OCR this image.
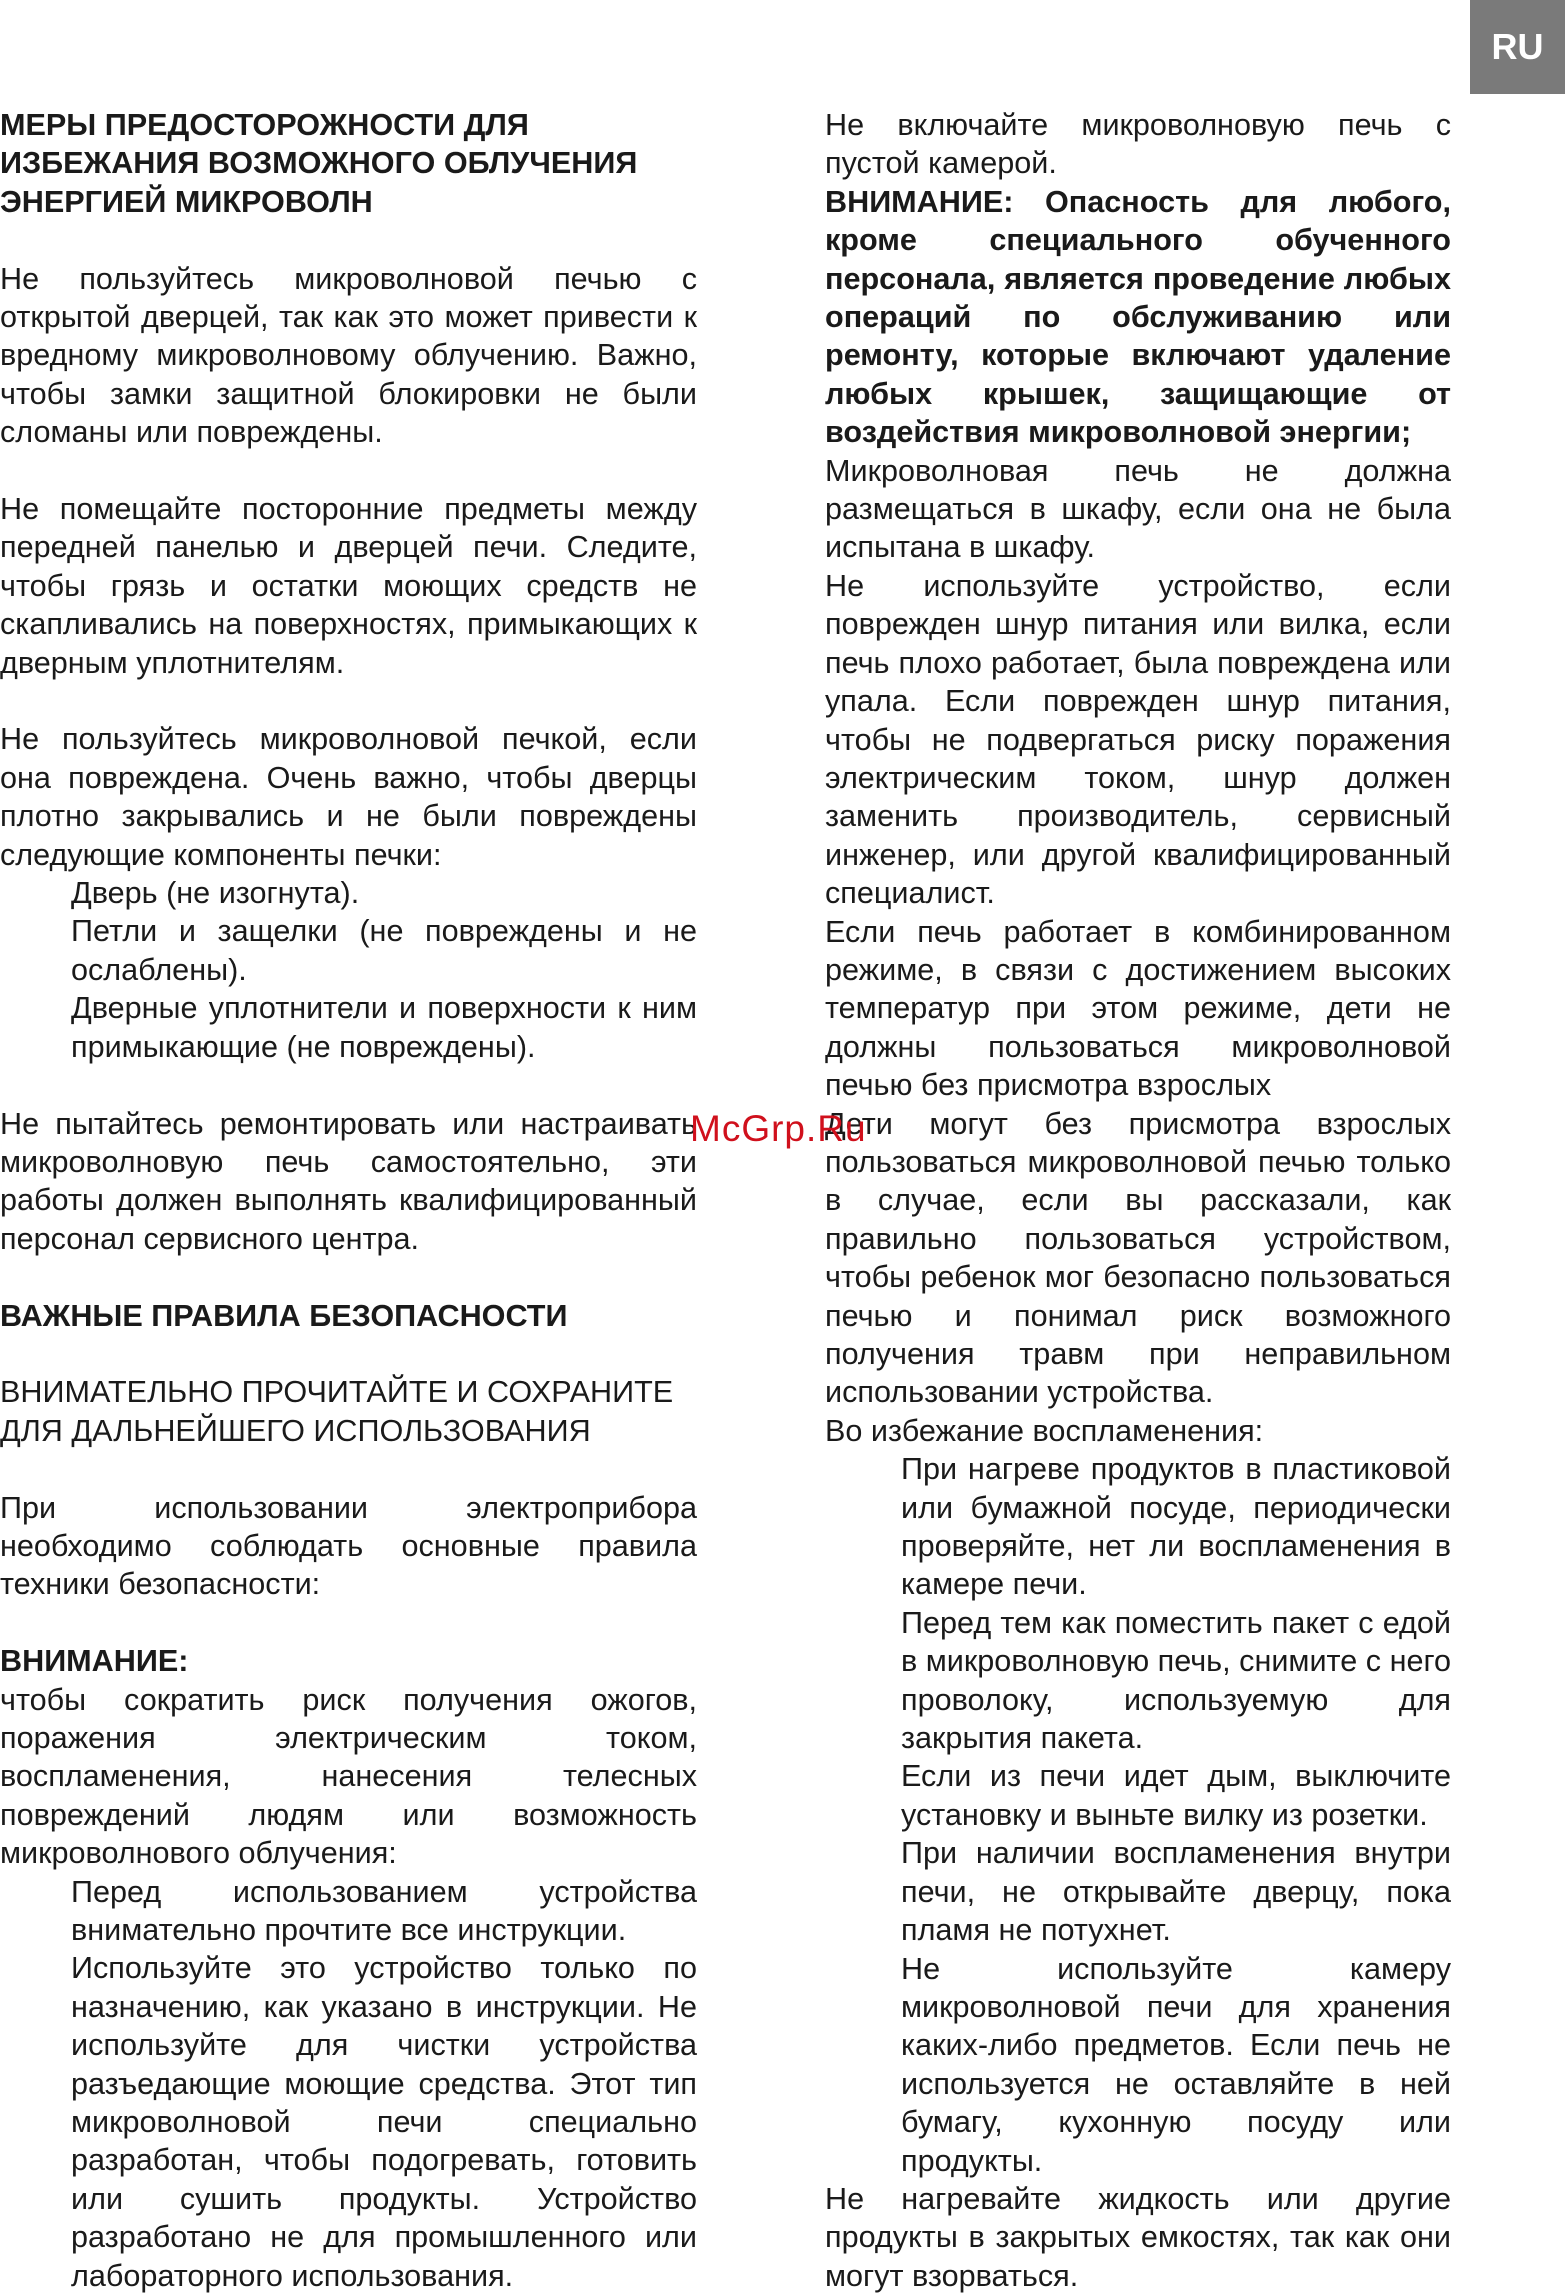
RU

МЕРЫ ПРЕДОСТОРОЖНОСТИ ДЛЯ ИЗБЕЖАНИЯ ВОЗМОЖНОГО ОБЛУЧЕНИЯ ЭНЕРГИЕЙ МИКРОВОЛН

Не пользуйтесь микроволновой печью с открытой дверцей, так как это может привести к вредному микроволновому облучению. Важно, чтобы замки защитной блокировки не были сломаны или повреждены.

Не помещайте посторонние предметы между передней панелью и дверцей печи. Следите, чтобы грязь и остатки моющих средств не скапливались на поверхностях, примыкающих к дверным уплотнителям.

Не пользуйтесь микроволновой печкой, если она повреждена. Очень важно, чтобы дверцы плотно закрывались и не были повреждены следующие компоненты печки:

Дверь (не изогнута).

Петли и защелки (не повреждены и не ослаблены).

Дверные уплотнители и поверхности к ним примыкающие (не повреждены).

Не пытайтесь ремонтировать или настраивать микроволновую печь самостоятельно, эти работы должен выполнять квалифицированный персонал сервисного центра.

ВАЖНЫЕ ПРАВИЛА БЕЗОПАСНОСТИ

ВНИМАТЕЛЬНО ПРОЧИТАЙТЕ И СОХРАНИТЕ ДЛЯ ДАЛЬНЕЙШЕГО ИСПОЛЬЗОВАНИЯ

При использовании электроприбора необходимо соблюдать основные правила техники безопасности:

ВНИМАНИЕ:

чтобы сократить риск получения ожогов, поражения электрическим током, воспламенения, нанесения телесных повреждений людям или возможность микроволнового облучения:

Перед использованием устройства внимательно прочтите все инструкции.

Используйте это устройство только по назначению, как указано в инструкции. Не используйте для чистки устройства разъедающие моющие средства. Этот тип микроволновой печи специально разработан, чтобы подогревать, готовить или сушить продукты. Устройство разработано не для промышленного или лабораторного использования.

Не включайте микроволновую печь с пустой камерой.

ВНИМАНИЕ: Опасность для любого, кроме специального обученного персонала, является проведение любых операций по обслуживанию или ремонту, которые включают удаление любых крышек, защищающие от воздействия микроволновой энергии;

Микроволновая печь не должна размещаться в шкафу, если она не была испытана в шкафу.

Не используйте устройство, если поврежден шнур питания или вилка, если печь плохо работает, была повреждена или упала. Если поврежден шнур питания, чтобы не подвергаться риску поражения электрическим током, шнур должен заменить производитель, сервисный инженер, или другой квалифицированный специалист.

Если печь работает в комбинированном режиме, в связи с достижением высоких температур при этом режиме, дети не должны пользоваться микроволновой печью без присмотра взрослых

Дети могут без присмотра взрослых пользоваться микроволновой печью только в случае, если вы рассказали, как правильно пользоваться устройством, чтобы ребенок мог безопасно пользоваться печью и понимал риск возможного получения травм при неправильном использовании устройства.

Во избежание воспламенения:

При нагреве продуктов в пластиковой или бумажной посуде, периодически проверяйте, нет ли воспламенения в камере печи.

Перед тем как поместить пакет с едой в микроволновую печь, снимите с него проволоку, используемую для закрытия пакета.

Если из печи идет дым, выключите установку и выньте вилку из розетки.

При наличии воспламенения внутри печи, не открывайте дверцу, пока пламя не потухнет.

Не используйте камеру микроволновой печи для хранения каких-либо предметов. Если печь не используется не оставляйте в ней бумагу, кухонную посуду или продукты.

Не нагревайте жидкость или другие продукты в закрытых емкостях, так как они могут взорваться.

McGrp.Ru
